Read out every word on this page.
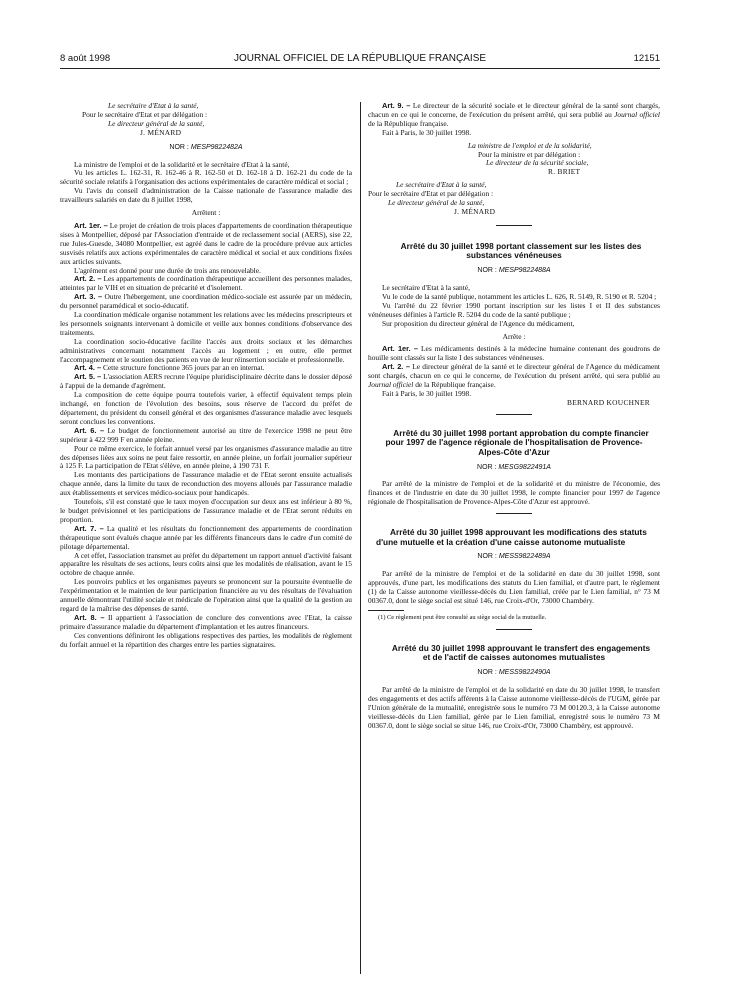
8 août 1998	JOURNAL OFFICIEL DE LA RÉPUBLIQUE FRANÇAISE	12151

Le secrétaire d'Etat à la santé,

Pour le secrétaire d'Etat et par délégation :

Le directeur général de la santé,

J. MÉNARD

NOR : MESP9822482A

La ministre de l'emploi et de la solidarité et le secrétaire d'Etat à la santé,

Vu les articles L. 162-31, R. 162-46 à R. 162-50 et D. 162-18 à D. 162-21 du code de la sécurité sociale relatifs à l'organisation des actions expérimentales de caractère médical et social ;

Vu l'avis du conseil d'administration de la Caisse nationale de l'assurance maladie des travailleurs salariés en date du 8 juillet 1998,

Arrêtent :

Art. 1er. – Le projet de création de trois places d'appartements de coordination thérapeutique sises à Montpellier, déposé par l'Association d'entraide et de reclassement social (AERS), sise 22, rue Jules-Guesde, 34080 Montpellier, est agréé dans le cadre de la procédure prévue aux articles susvisés relatifs aux actions expérimentales de caractère médical et social et aux conditions fixées aux articles suivants.

L'agrément est donné pour une durée de trois ans renouvelable.

Art. 2. – Les appartements de coordination thérapeutique accueillent des personnes malades, atteintes par le VIH et en situation de précarité et d'isolement.

Art. 3. – Outre l'hébergement, une coordination médico-sociale est assurée par un médecin, du personnel paramédical et socio-éducatif.

La coordination médicale organise notamment les relations avec les médecins prescripteurs et les personnels soignants intervenant à domicile et veille aux bonnes conditions d'observance des traitements.

La coordination socio-éducative facilite l'accès aux droits sociaux et les démarches administratives concernant notamment l'accès au logement ; en outre, elle permet l'accompagnement et le soutien des patients en vue de leur réinsertion sociale et professionnelle.

Art. 4. – Cette structure fonctionne 365 jours par an en internat.

Art. 5. – L'association AERS recrute l'équipe pluridisciplinaire décrite dans le dossier déposé à l'appui de la demande d'agrément.

La composition de cette équipe pourra toutefois varier, à effectif équivalent temps plein inchangé, en fonction de l'évolution des besoins, sous réserve de l'accord du préfet de département, du président du conseil général et des organismes d'assurance maladie avec lesquels seront conclues les conventions.

Art. 6. – Le budget de fonctionnement autorisé au titre de l'exercice 1998 ne peut être supérieur à 422 999 F en année pleine.

Pour ce même exercice, le forfait annuel versé par les organismes d'assurance maladie au titre des dépenses liées aux soins ne peut faire ressortir, en année pleine, un forfait journalier supérieur à 125 F. La participation de l'Etat s'élève, en année pleine, à 190 731 F.

Les montants des participations de l'assurance maladie et de l'Etat seront ensuite actualisés chaque année, dans la limite du taux de reconduction des moyens alloués par l'assurance maladie aux établissements et services médico-sociaux pour handicapés.

Toutefois, s'il est constaté que le taux moyen d'occupation sur deux ans est inférieur à 80 %, le budget prévisionnel et les participations de l'assurance maladie et de l'Etat seront réduits en proportion.

Art. 7. – La qualité et les résultats du fonctionnement des appartements de coordination thérapeutique sont évalués chaque année par les différents financeurs dans le cadre d'un comité de pilotage départemental.

A cet effet, l'association transmet au préfet du département un rapport annuel d'activité faisant apparaître les résultats de ses actions, leurs coûts ainsi que les modalités de réalisation, avant le 15 octobre de chaque année.

Les pouvoirs publics et les organismes payeurs se prononcent sur la poursuite éventuelle de l'expérimentation et le maintien de leur participation financière au vu des résultats de l'évaluation annuelle démontrant l'utilité sociale et médicale de l'opération ainsi que la qualité de la gestion au regard de la maîtrise des dépenses de santé.

Art. 8. – Il appartient à l'association de conclure des conventions avec l'Etat, la caisse primaire d'assurance maladie du département d'implantation et les autres financeurs.

Ces conventions définiront les obligations respectives des parties, les modalités de règlement du forfait annuel et la répartition des charges entre les parties signataires.

Art. 9. – Le directeur de la sécurité sociale et le directeur général de la santé sont chargés, chacun en ce qui le concerne, de l'exécution du présent arrêté, qui sera publié au Journal officiel de la République française.

Fait à Paris, le 30 juillet 1998.

La ministre de l'emploi et de la solidarité,

Pour la ministre et par délégation :

Le directeur de la sécurité sociale,

R. BRIET

Le secrétaire d'Etat à la santé,

Pour le secrétaire d'Etat et par délégation :

Le directeur général de la santé,

J. MÉNARD

Arrêté du 30 juillet 1998 portant classement sur les listes des substances vénéneuses

NOR : MESP9822488A

Le secrétaire d'Etat à la santé,

Vu le code de la santé publique, notamment les articles L. 626, R. 5149, R. 5190 et R. 5204 ;

Vu l'arrêté du 22 février 1990 portant inscription sur les listes I et II des substances vénéneuses définies à l'article R. 5204 du code de la santé publique ;

Sur proposition du directeur général de l'Agence du médicament,

Arrête :

Art. 1er. – Les médicaments destinés à la médecine humaine contenant des goudrons de houille sont classés sur la liste I des substances vénéneuses.

Art. 2. – Le directeur général de la santé et le directeur général de l'Agence du médicament sont chargés, chacun en ce qui le concerne, de l'exécution du présent arrêté, qui sera publié au Journal officiel de la République française.

Fait à Paris, le 30 juillet 1998.

BERNARD KOUCHNER

Arrêté du 30 juillet 1998 portant approbation du compte financier pour 1997 de l'agence régionale de l'hospitalisation de Provence-Alpes-Côte d'Azur

NOR : MESG9822491A

Par arrêté de la ministre de l'emploi et de la solidarité et du ministre de l'économie, des finances et de l'industrie en date du 30 juillet 1998, le compte financier pour 1997 de l'agence régionale de l'hospitalisation de Provence-Alpes-Côte d'Azur est approuvé.

Arrêté du 30 juillet 1998 approuvant les modifications des statuts d'une mutuelle et la création d'une caisse autonome mutualiste

NOR : MESS9822489A

Par arrêté de la ministre de l'emploi et de la solidarité en date du 30 juillet 1998, sont approuvés, d'une part, les modifications des statuts du Lien familial, et d'autre part, le règlement (1) de la Caisse autonome vieillesse-décès du Lien familial, créée par le Lien familial, n° 73 M 00367.0, dont le siège social est situé 146, rue Croix-d'Or, 73000 Chambéry.

(1) Ce règlement peut être consulté au siège social de la mutuelle.

Arrêté du 30 juillet 1998 approuvant le transfert des engagements et de l'actif de caisses autonomes mutualistes

NOR : MESS9822490A

Par arrêté de la ministre de l'emploi et de la solidarité en date du 30 juillet 1998, le transfert des engagements et des actifs afférents à la Caisse autonome vieillesse-décès de l'UGM, gérée par l'Union générale de la mutualité, enregistrée sous le numéro 73 M 00120.3, à la Caisse autonome vieillesse-décès du Lien familial, gérée par le Lien familial, enregistré sous le numéro 73 M 00367.0, dont le siège social se situe 146, rue Croix-d'Or, 73000 Chambéry, est approuvé.
